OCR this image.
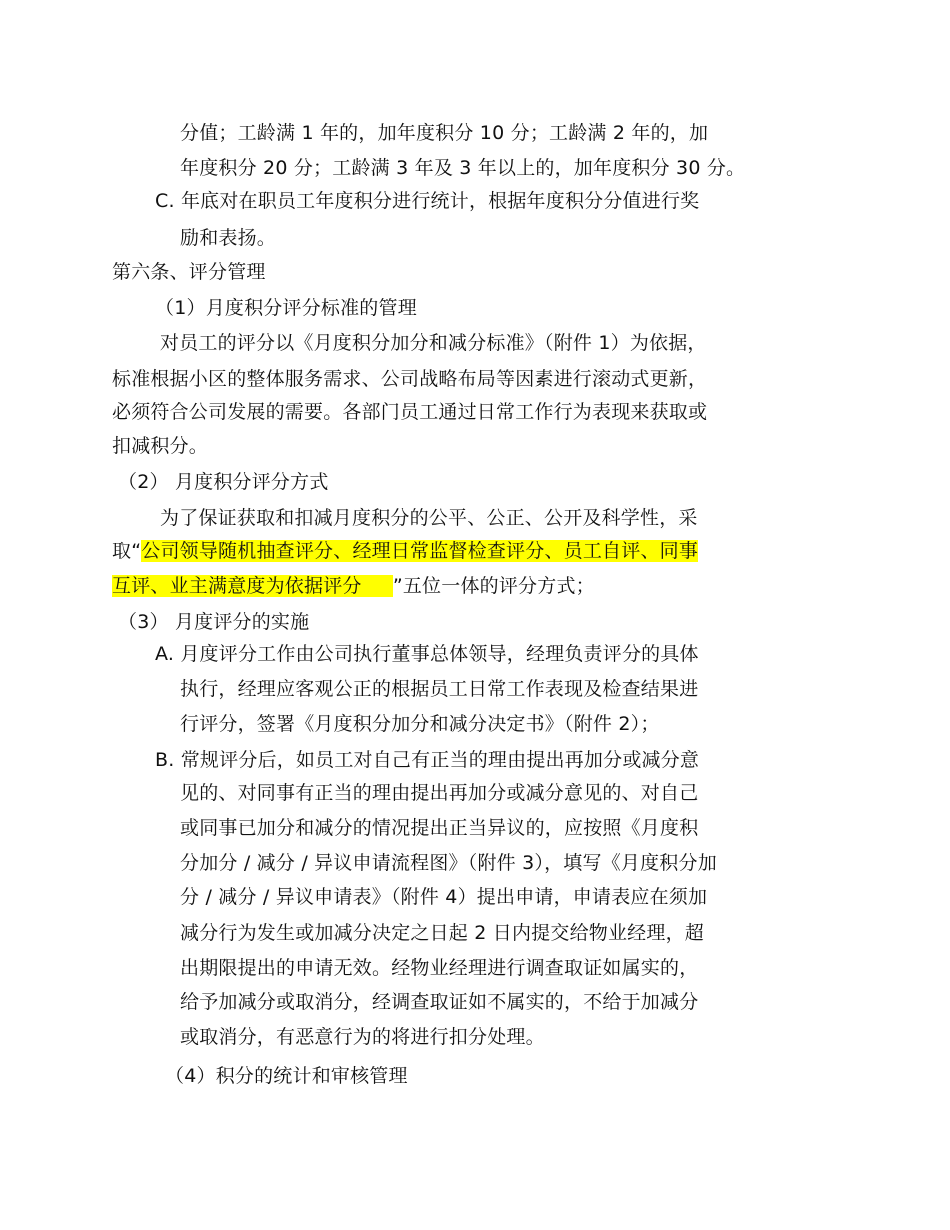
分值；工龄满 1 年的，加年度积分 10 分；工龄满 2 年的，加
年度积分 20 分；工龄满 3 年及 3 年以上的，加年度积分 30 分。
C. 年底对在职员工年度积分进行统计，根据年度积分分值进行奖
励和表扬。
第六条、评分管理
（1）月度积分评分标准的管理
对员工的评分以《月度积分加分和减分标准》（附件 1）为依据，
标准根据小区的整体服务需求、公司战略布局等因素进行滚动式更新，
必须符合公司发展的需要。各部门员工通过日常工作行为表现来获取或
扣减积分。
（2） 月度积分评分方式
为了保证获取和扣减月度积分的公平、公正、公开及科学性，采
取“公司领导随机抽查评分、经理日常监督检查评分、员工自评、同事
互评、业主满意度为依据评分     ”五位一体的评分方式；
（3） 月度评分的实施
A. 月度评分工作由公司执行董事总体领导，经理负责评分的具体
执行，经理应客观公正的根据员工日常工作表现及检查结果进
行评分，签署《月度积分加分和减分决定书》（附件 2）；
B. 常规评分后，如员工对自己有正当的理由提出再加分或减分意
见的、对同事有正当的理由提出再加分或减分意见的、对自己
或同事已加分和减分的情况提出正当异议的，应按照《月度积
分加分 / 减分 / 异议申请流程图》（附件 3），填写《月度积分加
分 / 减分 / 异议申请表》（附件 4）提出申请，申请表应在须加
减分行为发生或加减分决定之日起 2 日内提交给物业经理，超
出期限提出的申请无效。经物业经理进行调查取证如属实的，
给予加减分或取消分，经调查取证如不属实的，不给于加减分
或取消分，有恶意行为的将进行扣分处理。
（4）积分的统计和审核管理
